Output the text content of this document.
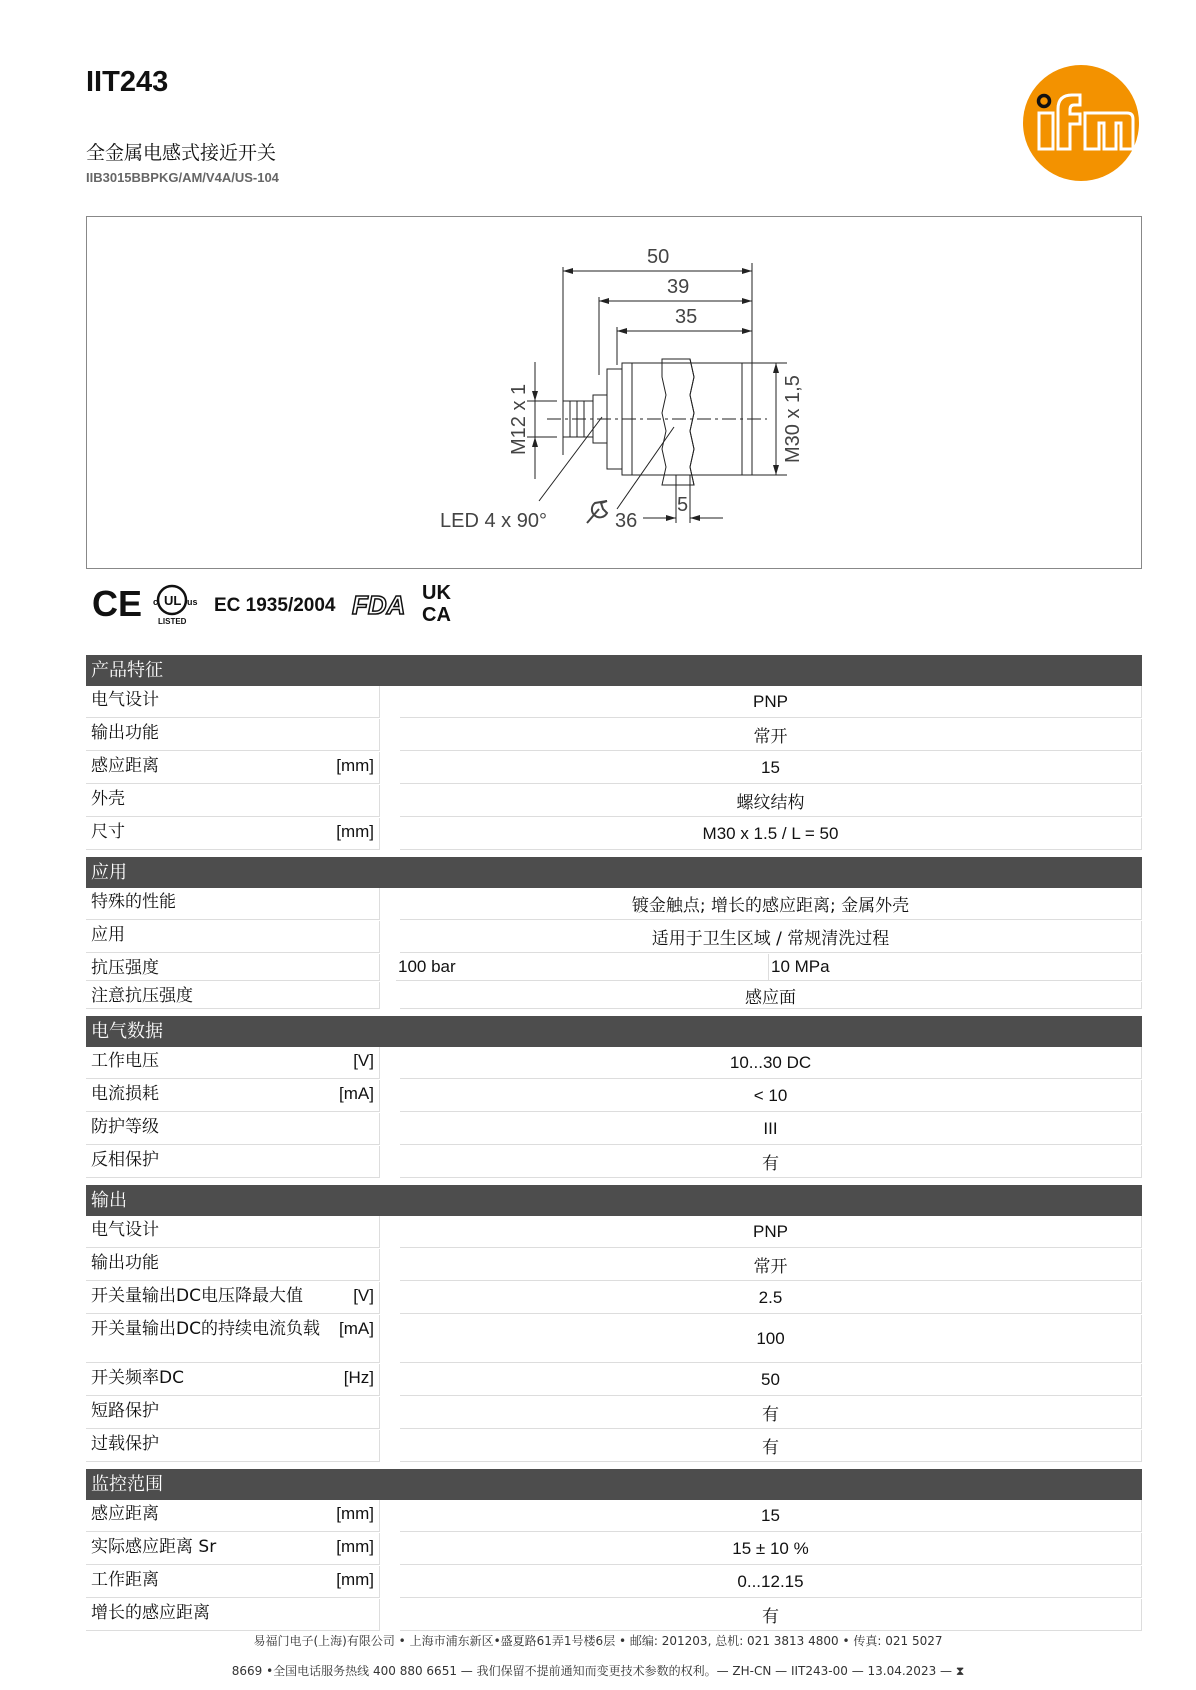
IIT243
全金属电感式接近开关
IIB3015BBPKG/AM/V4A/US-104
50
39
35
M12 x 1	M30 x 1,5
LED 4 x 90°	36
5
CE c UL us
LISTED
EC 1935/2004 FDA UK
CA
产品特征
电气设计	PNP
输出功能	常开
感应距离	[mm]	15
外壳	螺纹结构
尺寸	[mm]	M30 x 1.5 / L = 50
应用
特殊的性能	镀金触点; 增长的感应距离; 金属外壳
应用	适用于卫生区域 / 常规清洗过程
抗压强度	100 bar	10 MPa
注意抗压强度	感应面
电气数据
工作电压	[V]	10...30 DC
电流损耗	[mA]	< 10
防护等级	III
反相保护	有
输出
电气设计	PNP
输出功能	常开
开关量输出DC电压降最大值	[V]	2.5
开关量输出DC的持续电流负载	[mA]	100
开关频率DC	[Hz]	50
短路保护	有
过载保护	有
监控范围
感应距离	[mm]	15
实际感应距离 Sr	[mm]	15 ± 10 %
工作距离	[mm]	0...12.15
增长的感应距离	有
易福门电子(上海)有限公司 • 上海市浦东新区•盛夏路61弄1号楼6层 • 邮编: 201203, 总机: 021 3813 4800 • 传真: 021 5027
8669 •全国电话服务热线 400 880 6651 — 我们保留不提前通知而变更技术参数的权利。— ZH-CN — IIT243-00 — 13.04.2023 — ⧗
